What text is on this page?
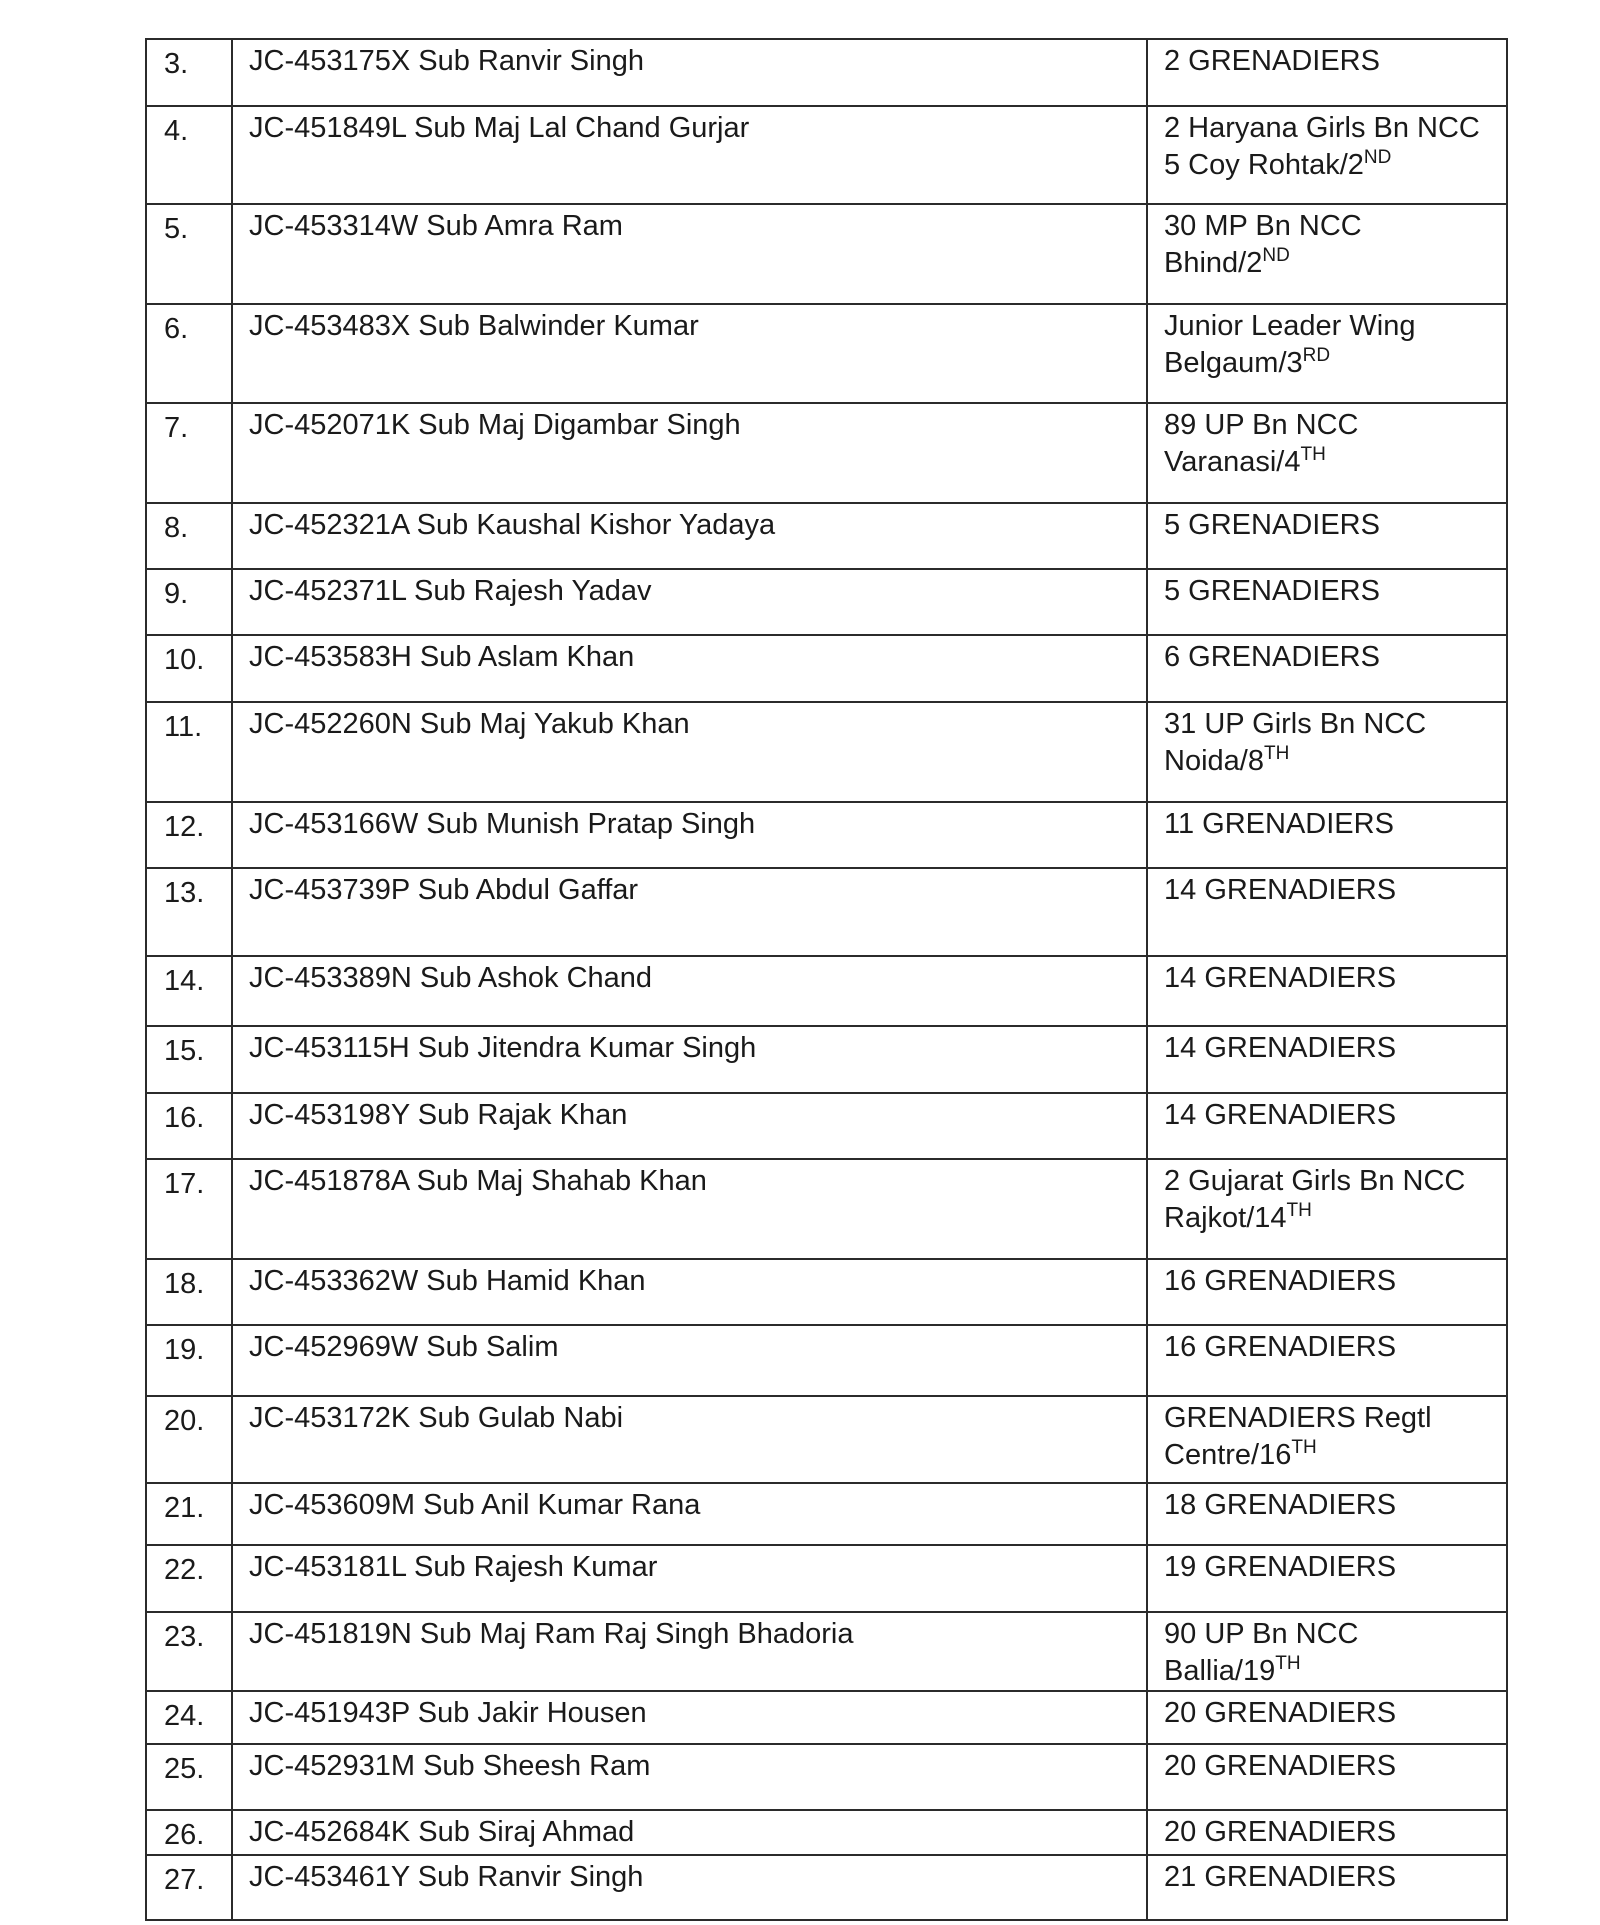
3.	JC-453175X Sub Ranvir Singh	2 GRENADIERS

4.	JC-451849L Sub Maj Lal Chand Gurjar	2 Haryana Girls Bn NCC
5 Coy Rohtak/2ND

5.	JC-453314W Sub Amra Ram	30 MP Bn NCC
Bhind/2ND

6.	JC-453483X Sub Balwinder Kumar	Junior Leader Wing
Belgaum/3RD

7.	JC-452071K Sub Maj Digambar Singh	89 UP Bn NCC
Varanasi/4TH

8.	JC-452321A Sub Kaushal Kishor Yadaya	5 GRENADIERS

9.	JC-452371L Sub Rajesh Yadav	5 GRENADIERS

10.	JC-453583H Sub Aslam Khan	6 GRENADIERS

11.	JC-452260N Sub Maj Yakub Khan	31 UP Girls Bn NCC
Noida/8TH

12.	JC-453166W Sub Munish Pratap Singh	11 GRENADIERS

13.	JC-453739P Sub Abdul Gaffar	14 GRENADIERS

14.	JC-453389N Sub Ashok Chand	14 GRENADIERS

15.	JC-453115H Sub Jitendra Kumar Singh	14 GRENADIERS

16.	JC-453198Y Sub Rajak Khan	14 GRENADIERS

17.	JC-451878A Sub Maj Shahab Khan	2 Gujarat Girls Bn NCC
Rajkot/14TH

18.	JC-453362W Sub Hamid Khan	16 GRENADIERS

19.	JC-452969W Sub Salim	16 GRENADIERS

20.	JC-453172K Sub Gulab Nabi	GRENADIERS Regtl
Centre/16TH

21.	JC-453609M Sub Anil Kumar Rana	18 GRENADIERS

22.	JC-453181L Sub Rajesh Kumar	19 GRENADIERS

23.	JC-451819N Sub Maj Ram Raj Singh Bhadoria	90 UP Bn NCC
Ballia/19TH

24.	JC-451943P Sub Jakir Housen	20 GRENADIERS

25.	JC-452931M Sub Sheesh Ram	20 GRENADIERS

26.	JC-452684K Sub Siraj Ahmad	20 GRENADIERS

27.	JC-453461Y Sub Ranvir Singh	21 GRENADIERS
